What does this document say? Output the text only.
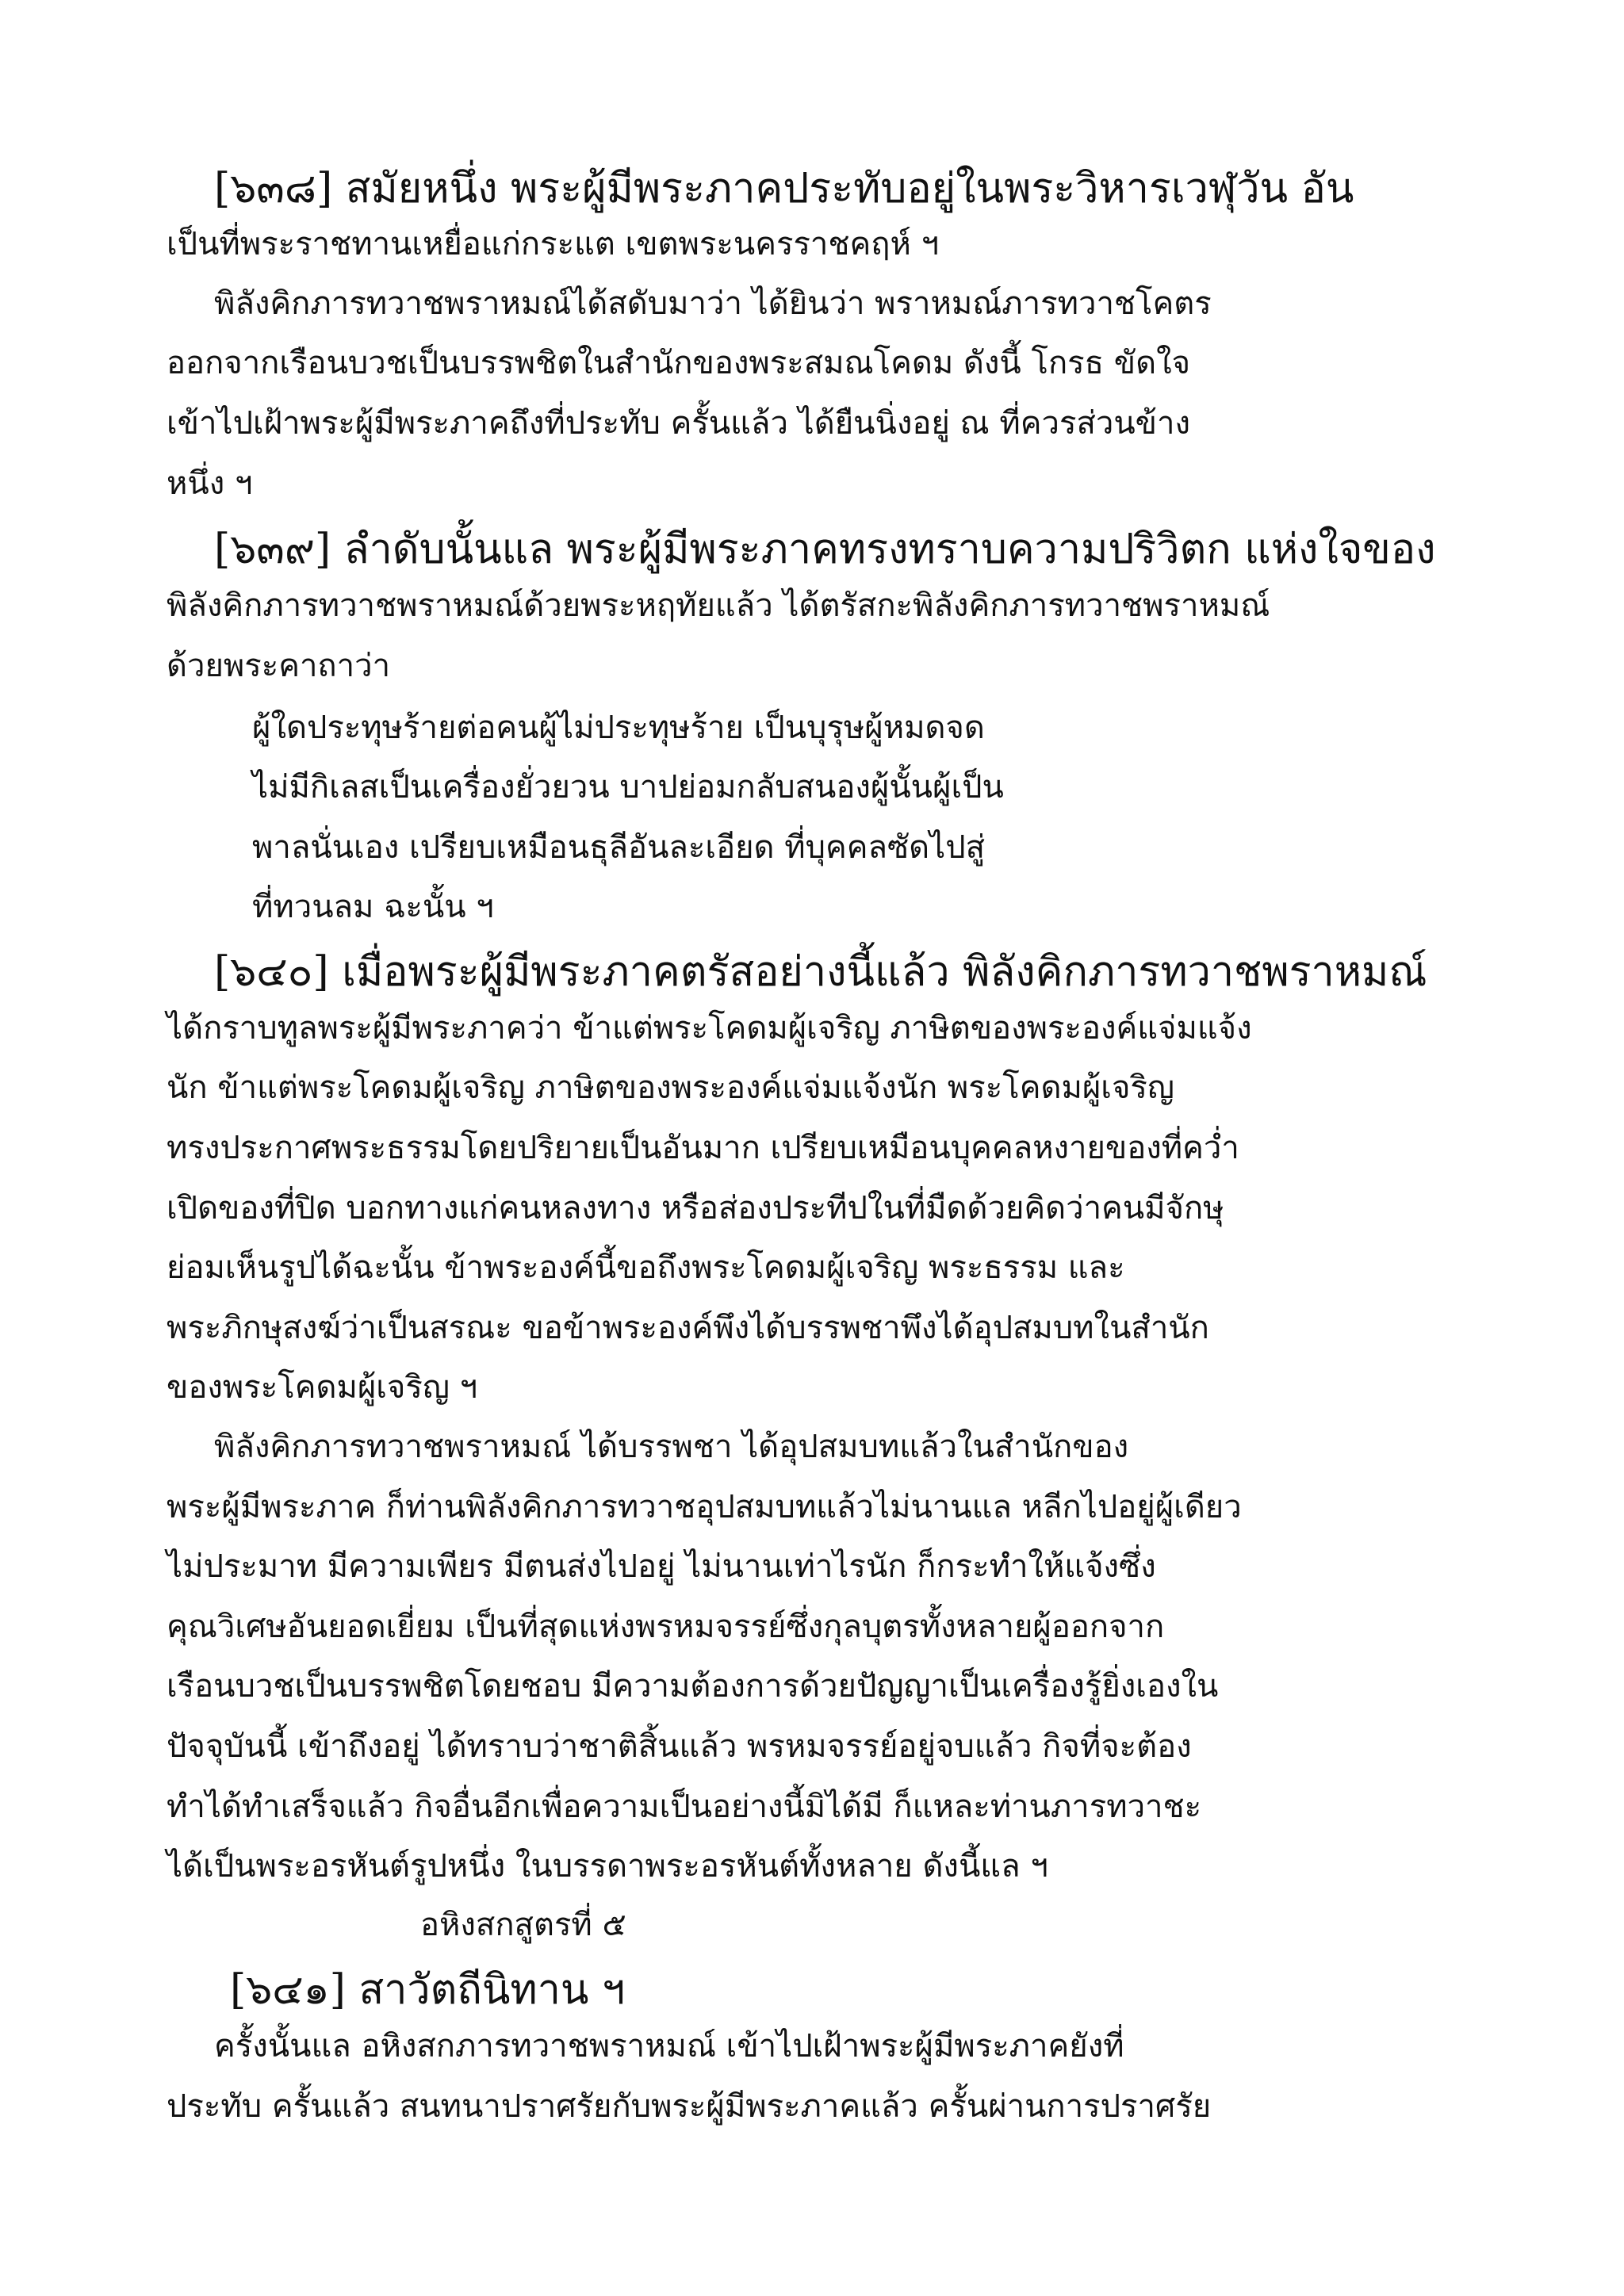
[๖๓๘] สมัยหนึ่ง พระผู้มีพระภาคประทับอยู่ในพระวิหารเวฬุวัน อัน
เป็นที่พระราชทานเหยื่อแก่กระแต เขตพระนครราชคฤห์ ฯ
พิลังคิกภารทวาชพราหมณ์ได้สดับมาว่า ได้ยินว่า พราหมณ์ภารทวาชโคตร
ออกจากเรือนบวชเป็นบรรพชิตในสำนักของพระสมณโคดม ดังนี้ โกรธ ขัดใจ
เข้าไปเฝ้าพระผู้มีพระภาคถึงที่ประทับ ครั้นแล้ว ได้ยืนนิ่งอยู่ ณ ที่ควรส่วนข้าง
หนึ่ง ฯ
[๖๓๙] ลำดับนั้นแล พระผู้มีพระภาคทรงทราบความปริวิตก แห่งใจของ
พิลังคิกภารทวาชพราหมณ์ด้วยพระหฤทัยแล้ว ได้ตรัสกะพิลังคิกภารทวาชพราหมณ์
ด้วยพระคาถาว่า
ผู้ใดประทุษร้ายต่อคนผู้ไม่ประทุษร้าย เป็นบุรุษผู้หมดจด
ไม่มีกิเลสเป็นเครื่องยั่วยวน บาปย่อมกลับสนองผู้นั้นผู้เป็น
พาลนั่นเอง เปรียบเหมือนธุลีอันละเอียด ที่บุคคลซัดไปสู่
ที่ทวนลม ฉะนั้น ฯ
[๖๔๐] เมื่อพระผู้มีพระภาคตรัสอย่างนี้แล้ว พิลังคิกภารทวาชพราหมณ์
ได้กราบทูลพระผู้มีพระภาคว่า ข้าแต่พระโคดมผู้เจริญ ภาษิตของพระองค์แจ่มแจ้ง
นัก ข้าแต่พระโคดมผู้เจริญ ภาษิตของพระองค์แจ่มแจ้งนัก พระโคดมผู้เจริญ
ทรงประกาศพระธรรมโดยปริยายเป็นอันมาก เปรียบเหมือนบุคคลหงายของที่คว่ำ
เปิดของที่ปิด บอกทางแก่คนหลงทาง หรือส่องประทีปในที่มืดด้วยคิดว่าคนมีจักษุ
ย่อมเห็นรูปได้ฉะนั้น ข้าพระองค์นี้ขอถึงพระโคดมผู้เจริญ พระธรรม และ
พระภิกษุสงฆ์ว่าเป็นสรณะ ขอข้าพระองค์พึงได้บรรพชาพึงได้อุปสมบทในสำนัก
ของพระโคดมผู้เจริญ ฯ
พิลังคิกภารทวาชพราหมณ์ ได้บรรพชา ได้อุปสมบทแล้วในสำนักของ
พระผู้มีพระภาค ก็ท่านพิลังคิกภารทวาชอุปสมบทแล้วไม่นานแล หลีกไปอยู่ผู้เดียว
ไม่ประมาท มีความเพียร มีตนส่งไปอยู่ ไม่นานเท่าไรนัก ก็กระทำให้แจ้งซึ่ง
คุณวิเศษอันยอดเยี่ยม เป็นที่สุดแห่งพรหมจรรย์ซึ่งกุลบุตรทั้งหลายผู้ออกจาก
เรือนบวชเป็นบรรพชิตโดยชอบ มีความต้องการด้วยปัญญาเป็นเครื่องรู้ยิ่งเองใน
ปัจจุบันนี้ เข้าถึงอยู่ ได้ทราบว่าชาติสิ้นแล้ว พรหมจรรย์อยู่จบแล้ว กิจที่จะต้อง
ทำได้ทำเสร็จแล้ว กิจอื่นอีกเพื่อความเป็นอย่างนี้มิได้มี ก็แหละท่านภารทวาชะ
ได้เป็นพระอรหันต์รูปหนึ่ง ในบรรดาพระอรหันต์ทั้งหลาย ดังนี้แล ฯ
อหิงสกสูตรที่ ๕
[๖๔๑] สาวัตถีนิทาน ฯ
ครั้งนั้นแล อหิงสกภารทวาชพราหมณ์ เข้าไปเฝ้าพระผู้มีพระภาคยังที่
ประทับ ครั้นแล้ว สนทนาปราศรัยกับพระผู้มีพระภาคแล้ว ครั้นผ่านการปราศรัย
